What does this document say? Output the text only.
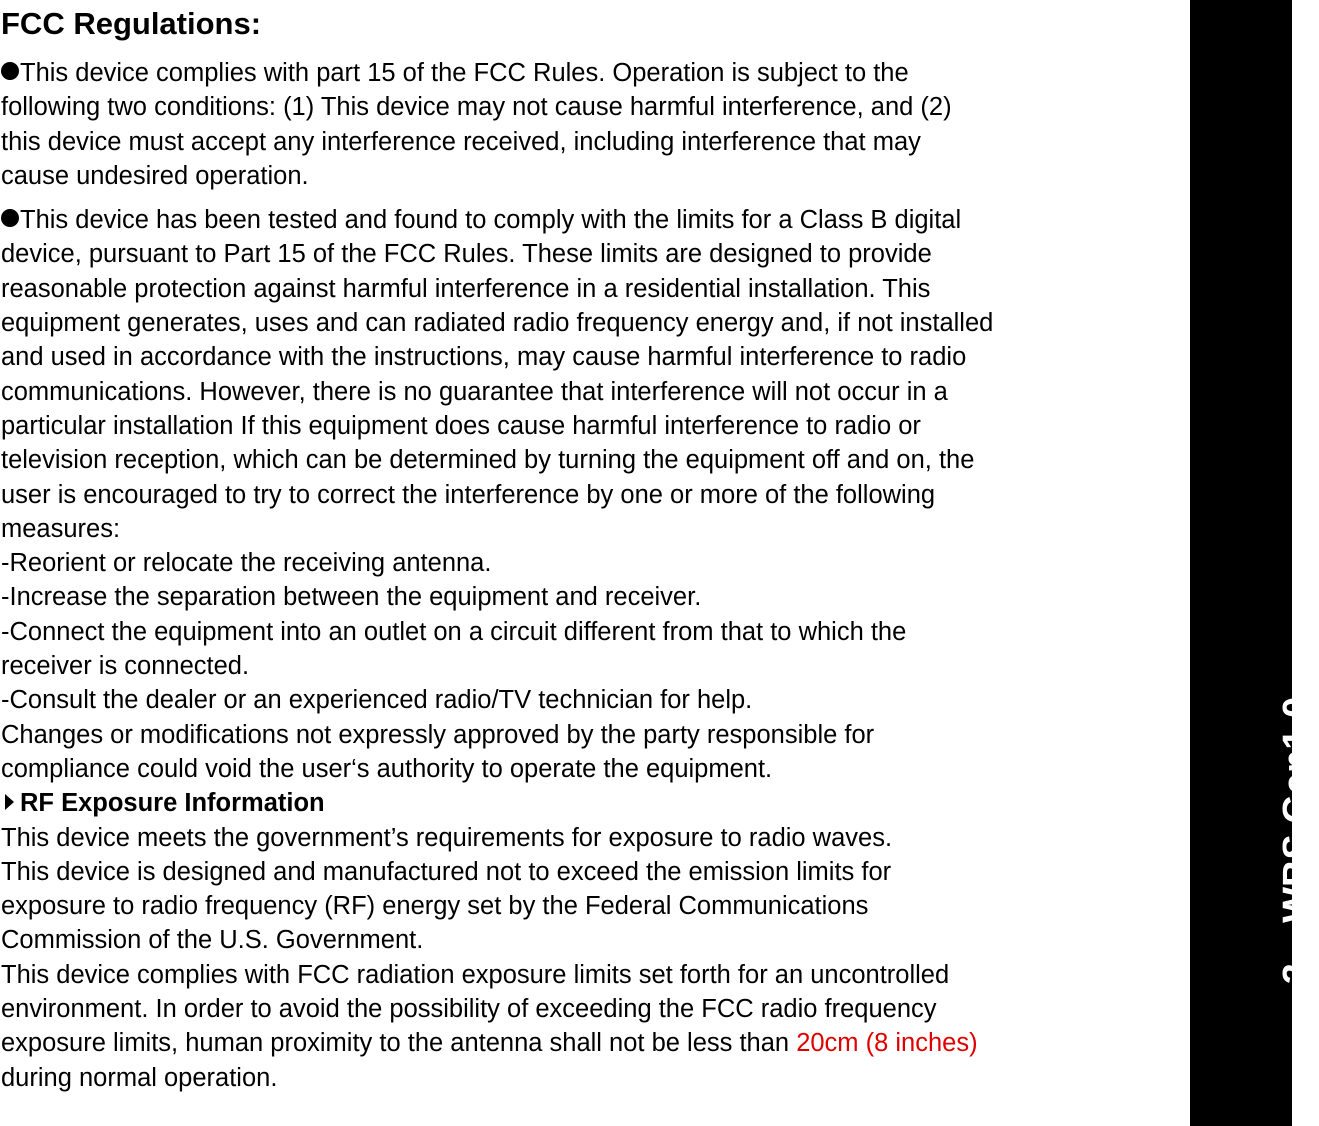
FCC Regulations:
This device complies with part 15 of the FCC Rules. Operation is subject to the
following two conditions: (1) This device may not cause harmful interference, and (2)
this device must accept any interference received, including interference that may
cause undesired operation.
This device has been tested and found to comply with the limits for a Class B digital
device, pursuant to Part 15 of the FCC Rules. These limits are designed to provide
reasonable protection against harmful interference in a residential installation. This
equipment generates, uses and can radiated radio frequency energy and, if not installed
and used in accordance with the instructions, may cause harmful interference to radio
communications. However, there is no guarantee that interference will not occur in a
particular installation If this equipment does cause harmful interference to radio or
television reception, which can be determined by turning the equipment off and on, the
user is encouraged to try to correct the interference by one or more of the following
measures:
-Reorient or relocate the receiving antenna.
-Increase the separation between the equipment and receiver.
-Connect the equipment into an outlet on a circuit different from that to which the
receiver is connected.
-Consult the dealer or an experienced radio/TV technician for help.
Changes or modifications not expressly approved by the party responsible for
compliance could void the user‘s authority to operate the equipment.
RF Exposure Information
This device meets the government’s requirements for exposure to radio waves.
This device is designed and manufactured not to exceed the emission limits for
exposure to radio frequency (RF) energy set by the Federal Communications
Commission of the U.S. Government.
This device complies with FCC radiation exposure limits set forth for an uncontrolled
environment. In order to avoid the possibility of exceeding the FCC radio frequency
exposure limits, human proximity to the antenna shall not be less than 20cm (8 inches)
during normal operation.
3WBS Gen1.0
